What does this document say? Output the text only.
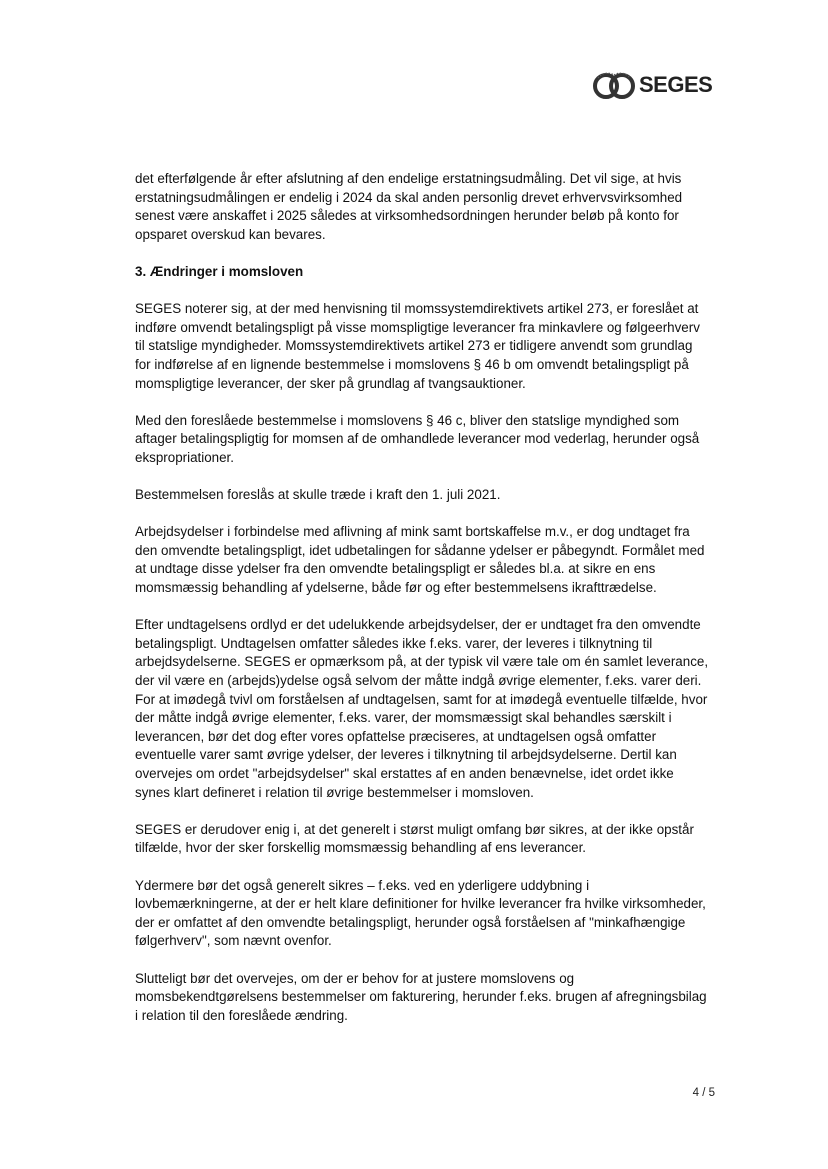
SEGES

det efterfølgende år efter afslutning af den endelige erstatningsudmåling. Det vil sige, at hvis erstatningsudmålingen er endelig i 2024 da skal anden personlig drevet erhvervsvirksomhed senest være anskaffet i 2025 således at virksomhedsordningen herunder beløb på konto for opsparet overskud kan bevares.

3. Ændringer i momsloven

SEGES noterer sig, at der med henvisning til momssystemdirektivets artikel 273, er foreslået at indføre omvendt betalingspligt på visse momspligtige leverancer fra minkavlere og følgeerhverv til statslige myndigheder. Momssystemdirektivets artikel 273 er tidligere anvendt som grundlag for indførelse af en lignende bestemmelse i momslovens § 46 b om omvendt betalingspligt på momspligtige leverancer, der sker på grundlag af tvangsauktioner.

Med den foreslåede bestemmelse i momslovens § 46 c, bliver den statslige myndighed som aftager betalingspligtig for momsen af de omhandlede leverancer mod vederlag, herunder også ekspropriationer.

Bestemmelsen foreslås at skulle træde i kraft den 1. juli 2021.

Arbejdsydelser i forbindelse med aflivning af mink samt bortskaffelse m.v., er dog undtaget fra den omvendte betalingspligt, idet udbetalingen for sådanne ydelser er påbegyndt. Formålet med at undtage disse ydelser fra den omvendte betalingspligt er således bl.a. at sikre en ens momsmæssig behandling af ydelserne, både før og efter bestemmelsens ikrafttrædelse.

Efter undtagelsens ordlyd er det udelukkende arbejdsydelser, der er undtaget fra den omvendte betalingspligt. Undtagelsen omfatter således ikke f.eks. varer, der leveres i tilknytning til arbejdsydelserne. SEGES er opmærksom på, at der typisk vil være tale om én samlet leverance, der vil være en (arbejds)ydelse også selvom der måtte indgå øvrige elementer, f.eks. varer deri. For at imødegå tvivl om forståelsen af undtagelsen, samt for at imødegå eventuelle tilfælde, hvor der måtte indgå øvrige elementer, f.eks. varer, der momsmæssigt skal behandles særskilt i leverancen, bør det dog efter vores opfattelse præciseres, at undtagelsen også omfatter eventuelle varer samt øvrige ydelser, der leveres i tilknytning til arbejdsydelserne. Dertil kan overvejes om ordet "arbejdsydelser" skal erstattes af en anden benævnelse, idet ordet ikke synes klart defineret i relation til øvrige bestemmelser i momsloven.

SEGES er derudover enig i, at det generelt i størst muligt omfang bør sikres, at der ikke opstår tilfælde, hvor der sker forskellig momsmæssig behandling af ens leverancer.

Ydermere bør det også generelt sikres – f.eks. ved en yderligere uddybning i lovbemærkningerne, at der er helt klare definitioner for hvilke leverancer fra hvilke virksomheder, der er omfattet af den omvendte betalingspligt, herunder også forståelsen af "minkafhængige følgerhverv", som nævnt ovenfor.

Slutteligt bør det overvejes, om der er behov for at justere momslovens og momsbekendtgørelsens bestemmelser om fakturering, herunder f.eks. brugen af afregningsbilag i relation til den foreslåede ændring.

4 / 5
